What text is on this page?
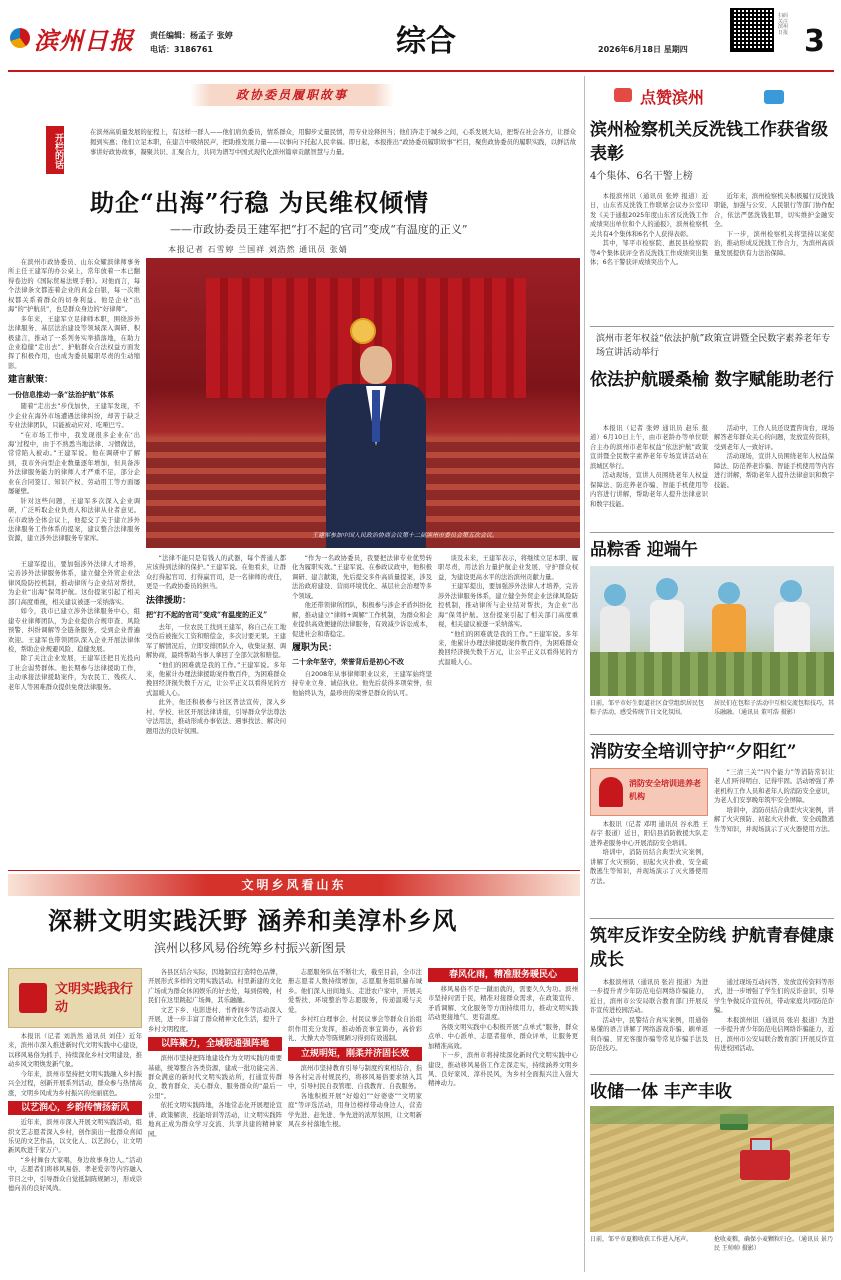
滨州日报 责任编辑：杨孟子 张婷
电话：3186761	综合	2026年6月18日 星期四
扫码关注滨州日报 3
政协委员履职故事
开栏的话
在滨州高质量发展的征程上，有这样一群人——他们肩负委员，情系群众，用脚步丈量民情，用专业诠释担当；他们奔走于城乡之间，心系发展大局，把帮在社会各方，让群众揭到实惠；他们立足本职，在建言中吸纳民声，把助推发展力量——以事向下托起人民幸福。即日起，本报推出“政协委员履职故事”栏目，聚焦政协委员的履职实践，以鲜活故事讲好政协故事，凝聚共识、汇聚合力，共同为谱写中国式现代化滨州篇章贡献智慧与力量。
助企“出海”行稳 为民维权倾情
——市政协委员王建军把“打不起的官司”变成“有温度的正义”
本报记者 石雪婷 兰国祥 刘浩然 通讯员 张婧
王建军参加中国人民政治协商会议第十二届滨州市委员会第五次会议。

在滨州市政协委员、山东众耀滨律师事务所主任王建军的办公桌上，常年放着一本已翻得卷边的《国际贸易法规手册》。对他而言，每个法律条文都连着企业的真金白银，每一次维权都关系着群众的切身利益。他是企业“出海”的“护航员”，也是群众身边的“好律师”。

多年来，王建军立足律师本职，围绕涉外法律服务、基层法治建设等领域深入调研、积极建言，推动了一系列务实举措落地，在助力企业稳健“走出去”、护航群众合法权益方面发挥了积极作用，也成为委员履职尽责的生动缩影。

建言献策：
一份信息推动一条“法治护航”体系

随着“走出去”步伐加快，王建军发现，不少企业在海外市场遭遇法律纠纷，却苦于缺乏专业法律团队，只能被动应对、吃哑巴亏。

“在市场工作中，我发现很多企业在‘出海’过程中，由于不熟悉当地法律、习惯做法，常常陷入被动。”王建军说。他在调研中了解到，我市外向型企业数量逐年增加，但具备涉外法律服务能力的律师人才严重不足，部分企业在合同签订、知识产权、劳动用工等方面屡屡碰壁。

针对这些问题，王建军多次深入企业调研，广泛听取企业负责人和法律从业者意见。在市政协全体会议上，他提交了关于建立涉外法律服务工作体系的提案，建议整合法律服务资源，建立涉外法律服务专家库。

王建军提出，要加强涉外法律人才培养，完善涉外法律服务体系，建立健全外贸企业法律风险防控机制，推动律所与企业结对帮扶，为企业“出海”保驾护航。这份提案引起了相关部门高度重视，相关建议被逐一采纳落实。

如今，我市已建立涉外法律服务中心，组建专业律师团队，为企业提供合规审查、风险预警、纠纷调解等全链条服务，受到企业普遍欢迎。王建军也带领团队深入企业开展法律体检，帮助企业规避风险、稳健发展。

除了关注企业发展，王建军还把目光投向了社会弱势群体。他长期参与法律援助工作，主动承接法律援助案件，为农民工、残疾人、老年人等困难群众提供免费法律服务。

“法律不能只是有钱人的武器，每个普通人都应该得到法律的保护。”王建军说。在他看来，让群众打得起官司、打得赢官司，是一名律师的责任，更是一名政协委员的担当。

法律援助：
把“打不起的官司”变成“有温度的正义”

去年，一位农民工找到王建军，称自己在工地受伤后被拖欠工资和赔偿金，多次讨要无果。王建军了解情况后，立即安排团队介入，收集证据、调解协商，最终帮助当事人拿回了全部欠款和赔偿。

“他们的困难就是我的工作。”王建军说。多年来，他累计办理法律援助案件数百件，为困难群众挽回经济损失数千万元，让公平正义以看得见的方式温暖人心。

此外，他还积极参与社区普法宣传，深入乡村、学校、社区开展法律讲座，引导群众学法尊法守法用法，推动形成办事依法、遇事找法、解决问题用法的良好氛围。

“作为一名政协委员，我要把法律专业优势转化为履职实效。”王建军说。在参政议政中，他积极调研、建言献策，先后提交多件高质量提案，涉及法治政府建设、营商环境优化、基层社会治理等多个领域。

他还带领律所团队，积极参与涉企矛盾纠纷化解，推动建立“律师+调解”工作机制，为群众和企业提供高效便捷的法律服务，有效减少诉讼成本，促进社会和谐稳定。

履职为民：
二十余年坚守，荣誉背后是初心不改

自2008年从事律师职业以来，王建军始终坚持专业立身、诚信执业。他先后获得多项荣誉，但他始终认为，最珍贵的荣誉是群众的认可。

谈及未来，王建军表示，将继续立足本职、履职尽责，用法治力量护航企业发展、守护群众权益，为建设更高水平的法治滨州贡献力量。

王建军提出，要加强涉外法律人才培养，完善涉外法律服务体系，建立健全外贸企业法律风险防控机制，推动律所与企业结对帮扶，为企业“出海”保驾护航。这份提案引起了相关部门高度重视，相关建议被逐一采纳落实。

“他们的困难就是我的工作。”王建军说。多年来，他累计办理法律援助案件数百件，为困难群众挽回经济损失数千万元，让公平正义以看得见的方式温暖人心。

文明乡风看山东
深耕文明实践沃野 涵养和美淳朴乡风
滨州以移风易俗统筹乡村振兴新图景
文明实践我行动

本报讯（记者 刘浩然 通讯员 刘佳）近年来，滨州市深入推进新时代文明实践中心建设，以移风易俗为抓手，持续深化乡村文明建设，推动乡风文明焕发新气象。

今年来，滨州市坚持把文明实践融入乡村振兴全过程，创新开展系列活动，群众参与热情高涨，文明乡风成为乡村振兴的亮丽底色。

以艺润心，乡韵传情扬新风

近年来，滨州市深入开展文明实践活动，组织文艺志愿者深入乡村，创作演出一批群众喜闻乐见的文艺作品，以文化人、以艺润心，让文明新风吹进千家万户。

“乡村舞台大家唱，身边故事身边人。”活动中，志愿者们将移风易俗、孝老爱亲等内容融入节目之中，引导群众自觉抵制陈规陋习，形成崇德向善的良好风尚。

各县区结合实际，因地制宜打造特色品牌，开展形式多样的文明实践活动。村里新建的文化广场成为群众休闲娱乐的好去处，每到傍晚，村民们在这里跳起广场舞，其乐融融。

文艺下乡、电影进村、书香润乡等活动深入开展，进一步丰富了群众精神文化生活，提升了乡村文明程度。

以阵聚力，全域联通强阵地

滨州市坚持把阵地建设作为文明实践的重要基础，统筹整合各类资源，建成一批功能完善、群众满意的新时代文明实践站所，打通宣传群众、教育群众、关心群众、服务群众的“最后一公里”。

依托文明实践阵地，各地常态化开展理论宣讲、政策解读、技能培训等活动，让文明实践阵地真正成为群众学习交流、共享共建的精神家园。

志愿服务队伍不断壮大，截至目前，全市注册志愿者人数持续增加，志愿服务组织遍布城乡。他们深入田间地头、走进农户家中，开展关爱帮扶、环境整治等志愿服务，传递温暖与关爱。

乡村红白理事会、村民议事会等群众自治组织作用充分发挥，推动婚丧事宜简办，高价彩礼、大操大办等陈规陋习得到有效遏制。

立规明矩，刚柔并济固长效

滨州市坚持教育引导与制度约束相结合，指导各村完善村规民约，将移风易俗要求纳入其中，引导村民自我管理、自我教育、自我服务。

各地积极开展“好媳妇”“好婆婆”“文明家庭”等评选活动，用身边榜样带动身边人，营造学先进、赶先进、争先进的浓厚氛围，让文明新风在乡村落地生根。

春风化雨，精准服务暖民心

移风易俗不是一蹴而就的，需要久久为功。滨州市坚持问需于民，精准对接群众需求，在政策宣传、矛盾调解、文化服务等方面持续用力，推动文明实践活动更接地气、更有温度。

各级文明实践中心积极开展“点单式”服务，群众点单、中心派单、志愿者接单、群众评单，让服务更加精准高效。

下一步，滨州市将持续深化新时代文明实践中心建设，推动移风易俗工作走深走实，持续涵养文明乡风、良好家风、淳朴民风，为乡村全面振兴注入强大精神动力。

点赞滨州
滨州检察机关反洗钱工作获省级表彰
4个集体、6名干警上榜

本报滨州讯（通讯员 张婷 报道）近日，山东省反洗钱工作联席会议办公室印发《关于通报2025年度山东省反洗钱工作成绩突出单位和个人的通报》，滨州检察机关共有4个集体和6名个人获得表彰。

其中，邹平市检察院、惠民县检察院等4个集体获评全省反洗钱工作成绩突出集体；6名干警获评成绩突出个人。

近年来，滨州检察机关积极履行反洗钱职能，加强与公安、人民银行等部门协作配合，依法严惩洗钱犯罪，切实维护金融安全。

下一步，滨州检察机关将坚持以案促治，推动形成反洗钱工作合力，为滨州高质量发展提供有力法治保障。

滨州市老年权益“依法护航”政策宣讲暨全民数字素养老年专场宣讲活动举行
依法护航暖桑榆 数字赋能助老行

本报讯（记者 张婷 通讯员 赵乐 报道）6月10日上午，由市老龄办等单位联合主办的滨州市老年权益“依法护航”政策宣讲暨全民数字素养老年专场宣讲活动在滨城区举行。

活动现场，宣讲人员围绕老年人权益保障法、防范养老诈骗、智能手机使用等内容进行讲解，帮助老年人提升法律意识和数字技能。

活动中，工作人员还设置咨询台，现场解答老年群众关心的问题，发放宣传资料，受到老年人一致好评。

活动现场，宣讲人员围绕老年人权益保障法、防范养老诈骗、智能手机使用等内容进行讲解，帮助老年人提升法律意识和数字技能。

品粽香 迎端午
日前，邹平市好生街道社区食堂组织居民包粽子活动，感受传统节日文化氛围。
居民们在包粽子活动中互相交流包粽技巧，其乐融融。（通讯员 董可浩 摄影）
消防安全培训守护“夕阳红”
消防安全培训进养老机构

本报讯（记者 邓明 通讯员 谷永胜 王春宇 报道）近日，阳信县消防救援大队走进养老服务中心开展消防安全培训。

培训中，消防员结合典型火灾案例，讲解了火灾预防、初起火灾扑救、安全疏散逃生等知识，并现场演示了灭火器使用方法。

“三清三关”“四个能力”等消防常识让老人们听得明白、记得牢固。活动增强了养老机构工作人员和老年人的消防安全意识，为老人们安享晚年筑牢安全屏障。

培训中，消防员结合典型火灾案例，讲解了火灾预防、初起火灾扑救、安全疏散逃生等知识，并现场演示了灭火器使用方法。

筑牢反诈安全防线 护航青春健康成长

本报滨州讯（通讯员 张岩 报道）为进一步提升青少年防范电信网络诈骗能力，近日，滨州市公安局联合教育部门开展反诈宣传进校园活动。

活动中，民警结合真实案例，用通俗易懂的语言讲解了网络游戏诈骗、刷单返利诈骗、冒充客服诈骗等常见诈骗手法及防范技巧。

通过现场互动问答、发放宣传资料等形式，进一步增强了学生们的反诈意识，引导学生争做反诈宣传员，带动家庭共同防范诈骗。

本报滨州讯（通讯员 张岩 报道）为进一步提升青少年防范电信网络诈骗能力，近日，滨州市公安局联合教育部门开展反诈宣传进校园活动。

收储一体 丰产丰收
日前，邹平市夏粮收获工作进入尾声。	抢收麦粮，确保小麦颗粒归仓。（通讯员 景乃民 王帅帅 摄影）
